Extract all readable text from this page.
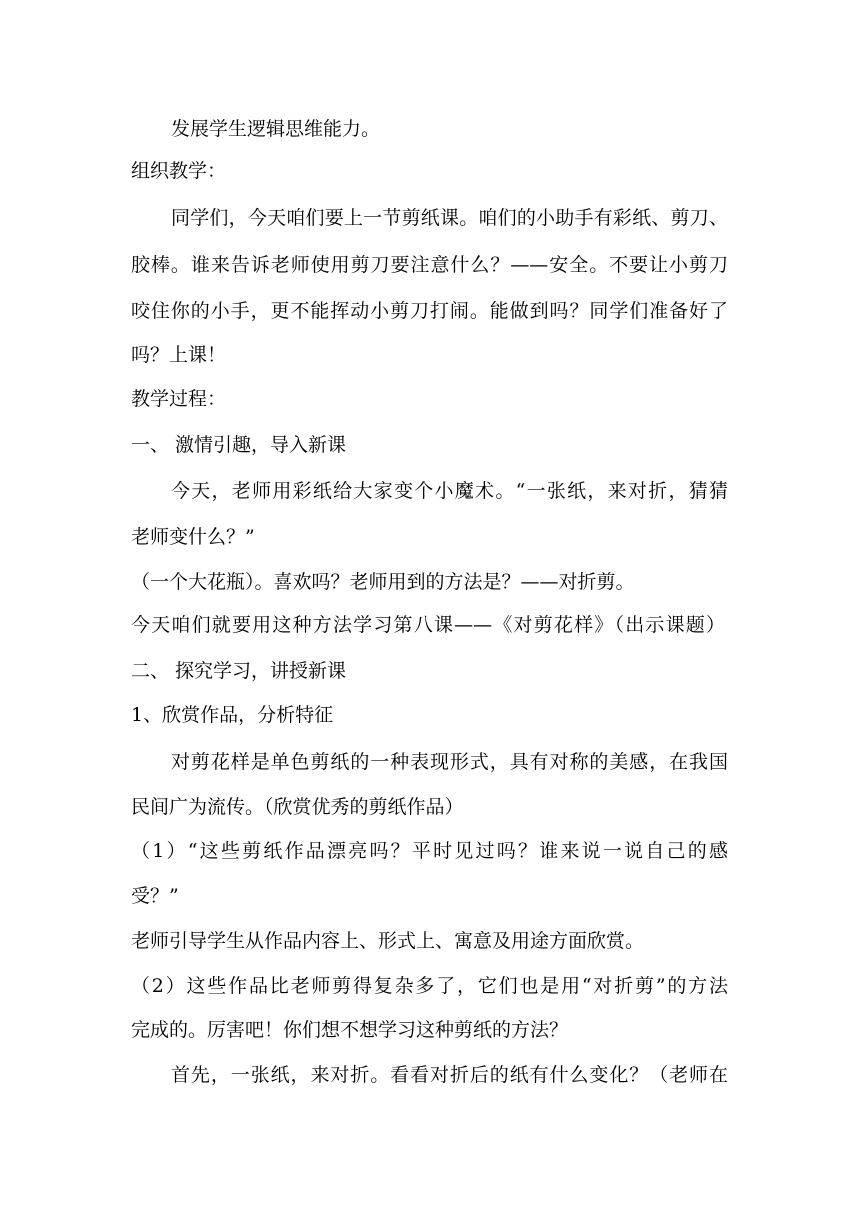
发展学生逻辑思维能力。

组织教学：

同学们，今天咱们要上一节剪纸课。咱们的小助手有彩纸、剪刀、

胶棒。谁来告诉老师使用剪刀要注意什么？——安全。不要让小剪刀

咬住你的小手，更不能挥动小剪刀打闹。能做到吗？同学们准备好了

吗？上课！

教学过程：

一、 激情引趣，导入新课

今天，老师用彩纸给大家变个小魔术。“一张纸，来对折，猜猜

老师变什么？”

（一个大花瓶）。喜欢吗？老师用到的方法是？——对折剪。

今天咱们就要用这种方法学习第八课——《对剪花样》（出示课题）

二、 探究学习，讲授新课

1、欣赏作品，分析特征

对剪花样是单色剪纸的一种表现形式，具有对称的美感，在我国

民间广为流传。（欣赏优秀的剪纸作品）

（1）“这些剪纸作品漂亮吗？平时见过吗？谁来说一说自己的感

受？”

老师引导学生从作品内容上、形式上、寓意及用途方面欣赏。

（2）这些作品比老师剪得复杂多了，它们也是用“对折剪”的方法

完成的。厉害吧！你们想不想学习这种剪纸的方法？

首先，一张纸，来对折。看看对折后的纸有什么变化？（老师在
